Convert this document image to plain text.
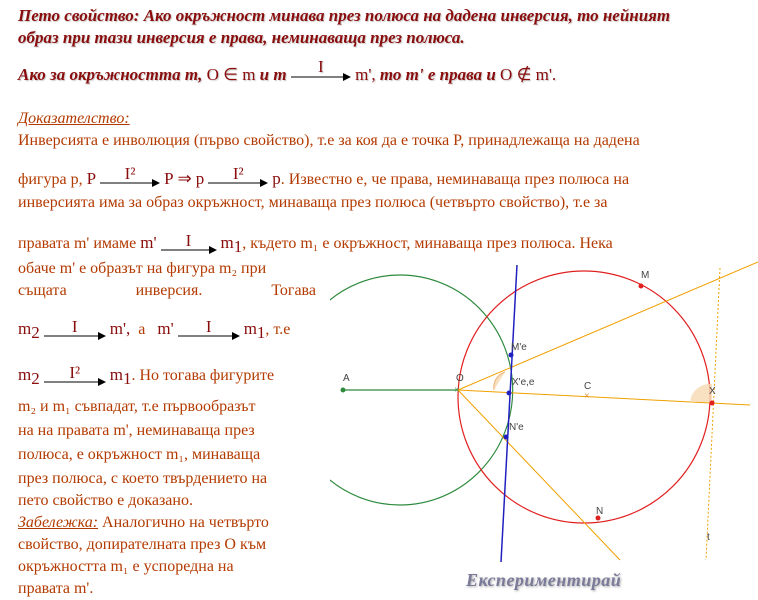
Пето свойство: Ако окръжност минава през полюса на дадена инверсия, то нейният
образ при тази инверсия е права, неминаваща през полюса.
Ако за окръжността m, O ∈ m и m	I	m', то m' е права и O ∉ m'.
Доказателство:
Инверсията е инволюция (първо свойство), т.е за коя да е точка P, принадлежаща на дадена
фигура p, P	I²	P ⇒ p	I²	p. Известно е, че права, неминаваща през полюса на
инверсията има за образ окръжност, минаваща през полюса (четвърто свойство), т.е за
правата m' имаме m'	I	$m_1$, където m₁ е окръжност, минаваща през полюса. Нека
обаче m' е образът на фигура m₂ при
същата инверсия. Тогава
$m_2$	I	m', а m'	I	$m_1$, т.е
$m_2$	I²	$m_1$. Но тогава фигурите
m₂ и m₁ съвпадат, т.е първообразът
на на правата m', неминаваща през
полюса, е окръжност m₁, минаваща
през полюса, с което твърдението на
пето свойство е доказано.
Забележка: Аналогично на четвърто
свойство, допирателната през O към
окръжността m₁ е успоредна на
правата m'.
×
×
A	O
C	X
M
N
M'e
X'e,e
N'e
t
Експериментирай
